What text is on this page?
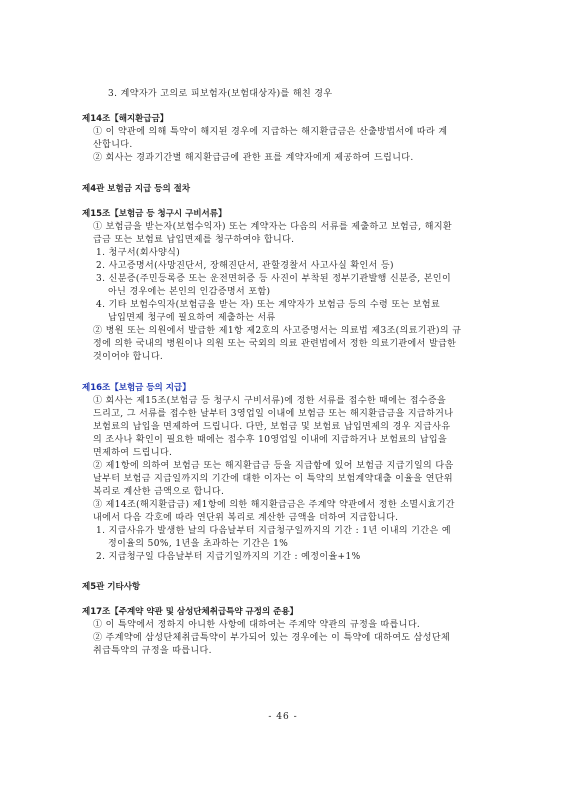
3. 계약자가 고의로 피보험자(보험대상자)를 해친 경우
제14조【해지환급금】
① 이 약관에 의해 특약이 해지된 경우에 지급하는 해지환급금은 산출방법서에 따라 계
산합니다.
② 회사는 경과기간별 해지환급금에 관한 표를 계약자에게 제공하여 드립니다.
제4관 보험금 지급 등의 절차
제15조【보험금 등 청구시 구비서류】
① 보험금을 받는자(보험수익자) 또는 계약자는 다음의 서류를 제출하고 보험금, 해지환
급금 또는 보험료 납입면제를 청구하여야 합니다.
1. 청구서(회사양식)
2. 사고증명서(사망진단서, 장해진단서, 관할경찰서 사고사실 확인서 등)
3. 신분증(주민등록증 또는 운전면허증 등 사진이 부착된 정부기관발행 신분증, 본인이
아닌 경우에는 본인의 인감증명서 포함)
4. 기타 보험수익자(보험금을 받는 자) 또는 계약자가 보험금 등의 수령 또는 보험료
납입면제 청구에 필요하여 제출하는 서류
② 병원 또는 의원에서 발급한 제1항 제2호의 사고증명서는 의료법 제3조(의료기관)의 규
정에 의한 국내의 병원이나 의원 또는 국외의 의료 관련법에서 정한 의료기관에서 발급한
것이어야 합니다.
제16조【보험금 등의 지급】
① 회사는 제15조(보험금 등 청구시 구비서류)에 정한 서류를 접수한 때에는 접수증을
드리고, 그 서류를 접수한 날부터 3영업일 이내에 보험금 또는 해지환급금을 지급하거나
보험료의 납입을 면제하여 드립니다. 다만, 보험금 및 보험료 납입면제의 경우 지급사유
의 조사나 확인이 필요한 때에는 접수후 10영업일 이내에 지급하거나 보험료의 납입을
면제하여 드립니다.
② 제1항에 의하여 보험금 또는 해지환급금 등을 지급함에 있어 보험금 지급기일의 다음
날부터 보험금 지급일까지의 기간에 대한 이자는 이 특약의 보험계약대출 이율을 연단위
복리로 계산한 금액으로 합니다.
③ 제14조(해지환급금) 제1항에 의한 해지환급금은 주계약 약관에서 정한 소멸시효기간
내에서 다음 각호에 따라 연단위 복리로 계산한 금액을 더하여 지급합니다.
1. 지급사유가 발생한 날의 다음날부터 지급청구일까지의 기간 : 1년 이내의 기간은 예
정이율의 50%, 1년을 초과하는 기간은 1%
2. 지급청구일 다음날부터 지급기일까지의 기간 : 예정이율+1%
제5관 기타사항
제17조【주계약 약관 및 삼성단체취급특약 규정의 준용】
① 이 특약에서 정하지 아니한 사항에 대하여는 주계약 약관의 규정을 따릅니다.
② 주계약에 삼성단체취급특약이 부가되어 있는 경우에는 이 특약에 대하여도 삼성단체
취급특약의 규정을 따릅니다.
- 46 -
